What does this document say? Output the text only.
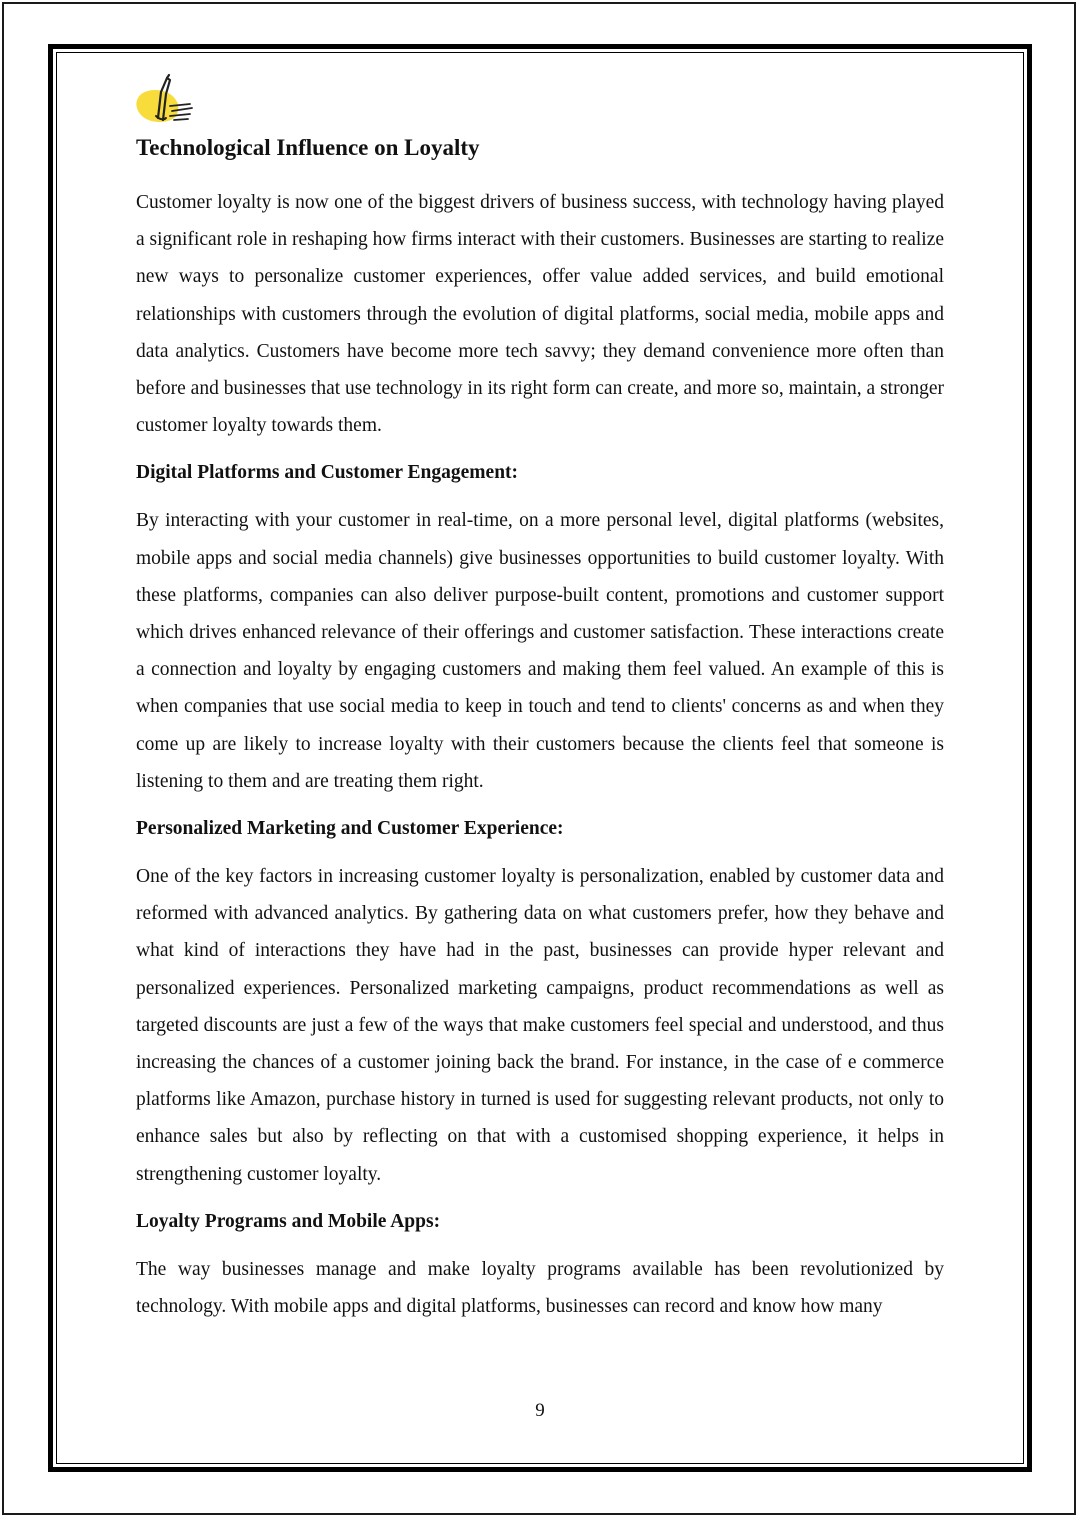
Technological Influence on Loyalty

Customer loyalty is now one of the biggest drivers of business success, with technology having played a significant role in reshaping how firms interact with their customers. Businesses are starting to realize new ways to personalize customer experiences, offer value added services, and build emotional relationships with customers through the evolution of digital platforms, social media, mobile apps and data analytics. Customers have become more tech savvy; they demand convenience more often than before and businesses that use technology in its right form can create, and more so, maintain, a stronger customer loyalty towards them.

Digital Platforms and Customer Engagement:

By interacting with your customer in real-time, on a more personal level, digital platforms (websites, mobile apps and social media channels) give businesses opportunities to build customer loyalty. With these platforms, companies can also deliver purpose-built content, promotions and customer support which drives enhanced relevance of their offerings and customer satisfaction. These interactions create a connection and loyalty by engaging customers and making them feel valued. An example of this is when companies that use social media to keep in touch and tend to clients' concerns as and when they come up are likely to increase loyalty with their customers because the clients feel that someone is listening to them and are treating them right.

Personalized Marketing and Customer Experience:

One of the key factors in increasing customer loyalty is personalization, enabled by customer data and reformed with advanced analytics. By gathering data on what customers prefer, how they behave and what kind of interactions they have had in the past, businesses can provide hyper relevant and personalized experiences. Personalized marketing campaigns, product recommendations as well as targeted discounts are just a few of the ways that make customers feel special and understood, and thus increasing the chances of a customer joining back the brand. For instance, in the case of e commerce platforms like Amazon, purchase history in turned is used for suggesting relevant products, not only to enhance sales but also by reflecting on that with a customised shopping experience, it helps in strengthening customer loyalty.

Loyalty Programs and Mobile Apps:

The way businesses manage and make loyalty programs available has been revolutionized by technology. With mobile apps and digital platforms, businesses can record and know how many

9
